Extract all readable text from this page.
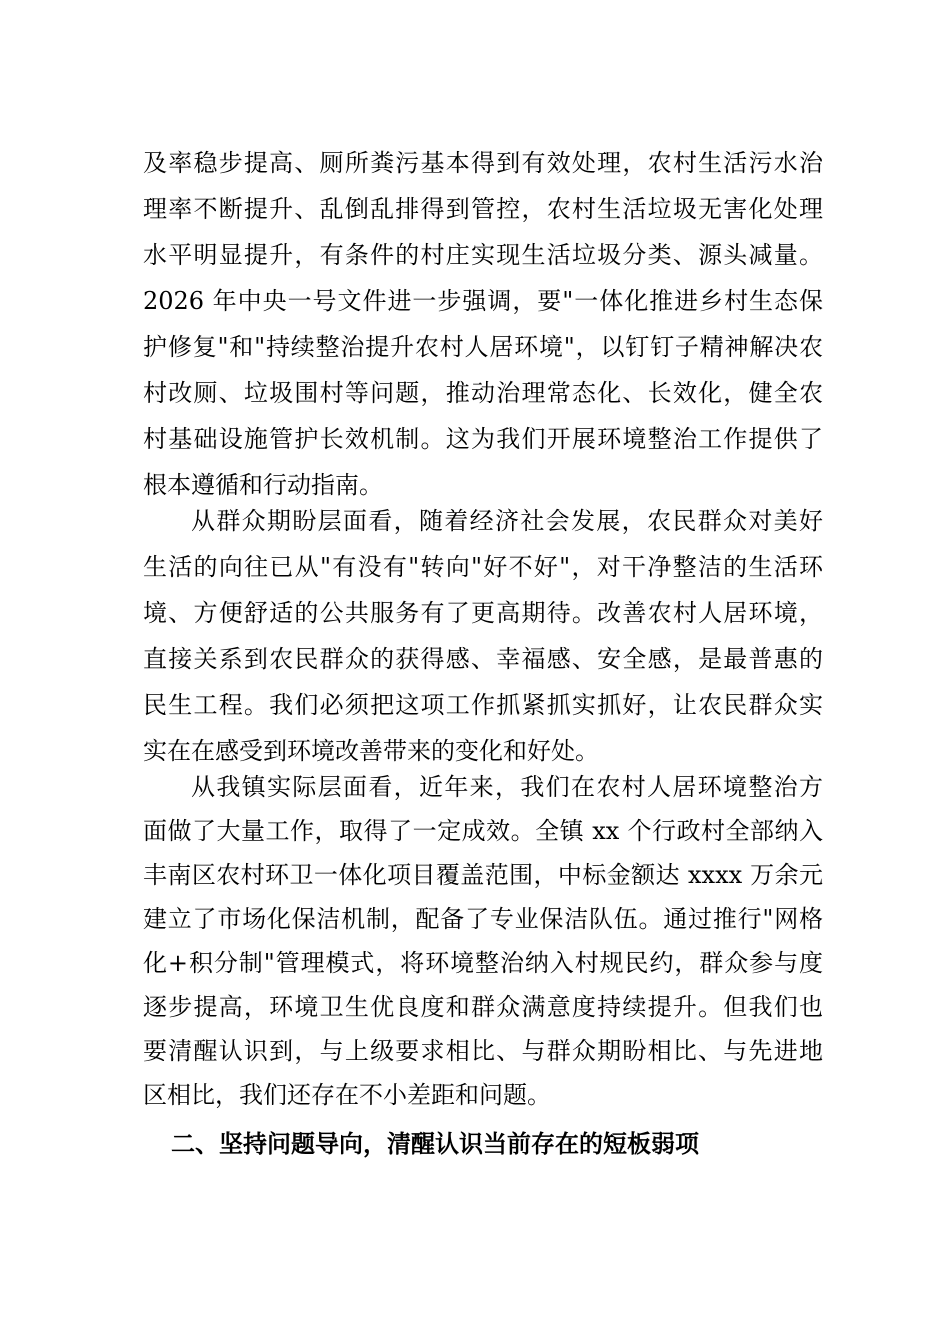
及率稳步提高、厕所粪污基本得到有效处理，农村生活污水治
理率不断提升、乱倒乱排得到管控，农村生活垃圾无害化处理
水平明显提升，有条件的村庄实现生活垃圾分类、源头减量。
2026 年中央一号文件进一步强调，要"一体化推进乡村生态保
护修复"和"持续整治提升农村人居环境"，以钉钉子精神解决农
村改厕、垃圾围村等问题，推动治理常态化、长效化，健全农
村基础设施管护长效机制。这为我们开展环境整治工作提供了
根本遵循和行动指南。
从群众期盼层面看，随着经济社会发展，农民群众对美好
生活的向往已从"有没有"转向"好不好"，对干净整洁的生活环
境、方便舒适的公共服务有了更高期待。改善农村人居环境，
直接关系到农民群众的获得感、幸福感、安全感，是最普惠的
民生工程。我们必须把这项工作抓紧抓实抓好，让农民群众实
实在在感受到环境改善带来的变化和好处。
从我镇实际层面看，近年来，我们在农村人居环境整治方
面做了大量工作，取得了一定成效。全镇 xx 个行政村全部纳入
丰南区农村环卫一体化项目覆盖范围，中标金额达 xxxx 万余元
建立了市场化保洁机制，配备了专业保洁队伍。通过推行"网格
化+积分制"管理模式，将环境整治纳入村规民约，群众参与度
逐步提高，环境卫生优良度和群众满意度持续提升。但我们也
要清醒认识到，与上级要求相比、与群众期盼相比、与先进地
区相比，我们还存在不小差距和问题。
二、坚持问题导向，清醒认识当前存在的短板弱项
